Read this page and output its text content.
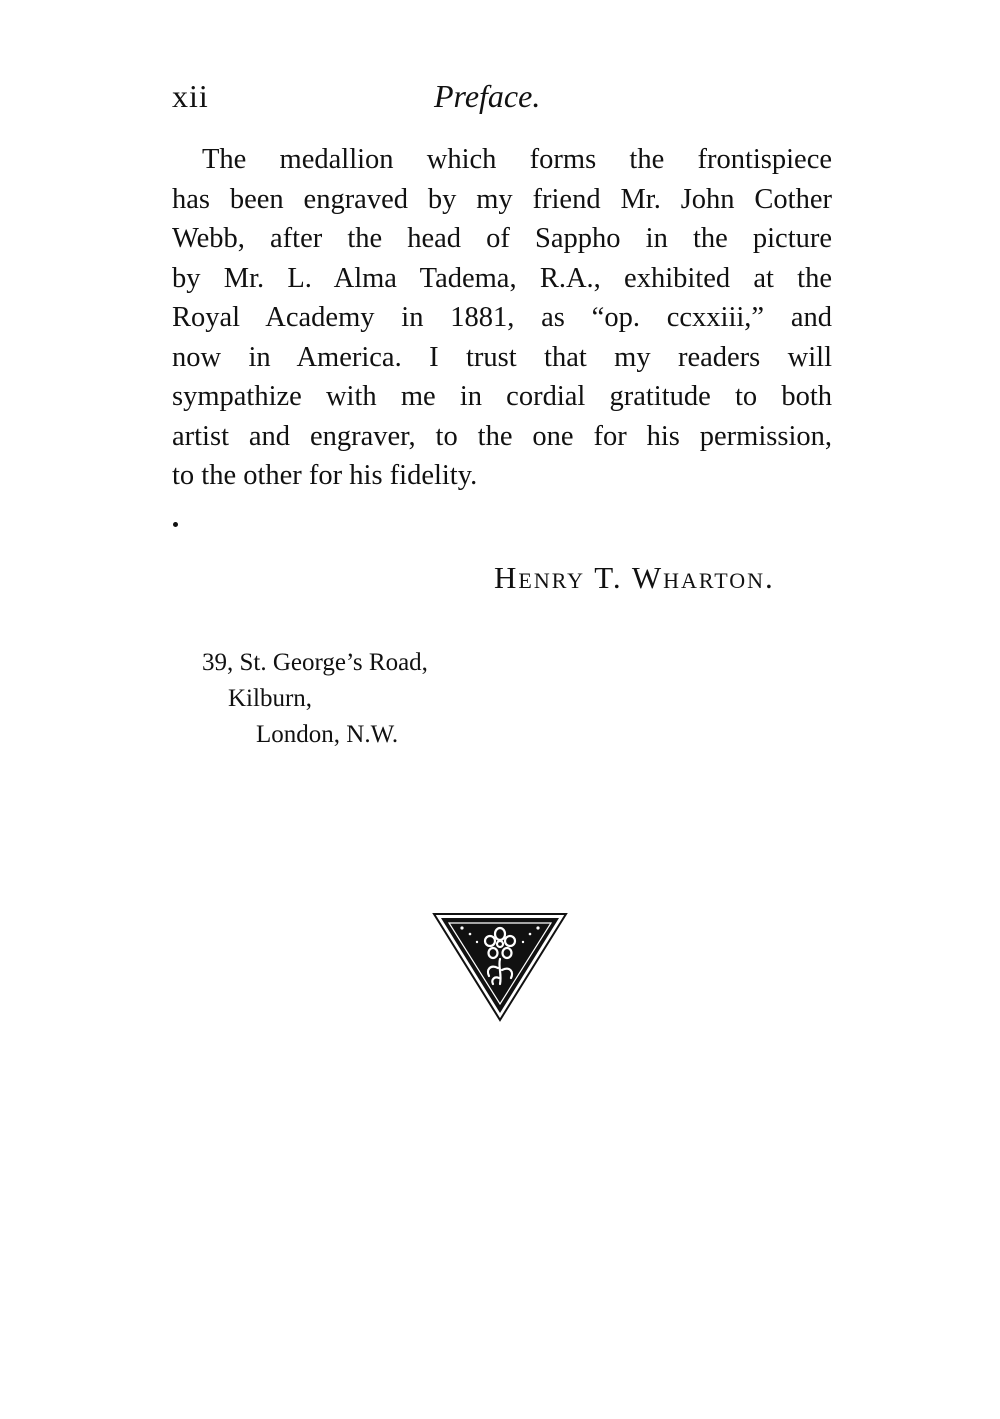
xii	Preface.
The medallion which forms the frontispiece
has been engraved by my friend Mr. John Cother
Webb, after the head of Sappho in the picture
by Mr. L. Alma Tadema, R.A., exhibited at the
Royal Academy in 1881, as “op. ccxxiii,” and
now in America. I trust that my readers will
sympathize with me in cordial gratitude to both
artist and engraver, to the one for his permission,
to the other for his fidelity.
Henry T. Wharton.
39, St. George’s Road,
Kilburn,
London, N.W.
